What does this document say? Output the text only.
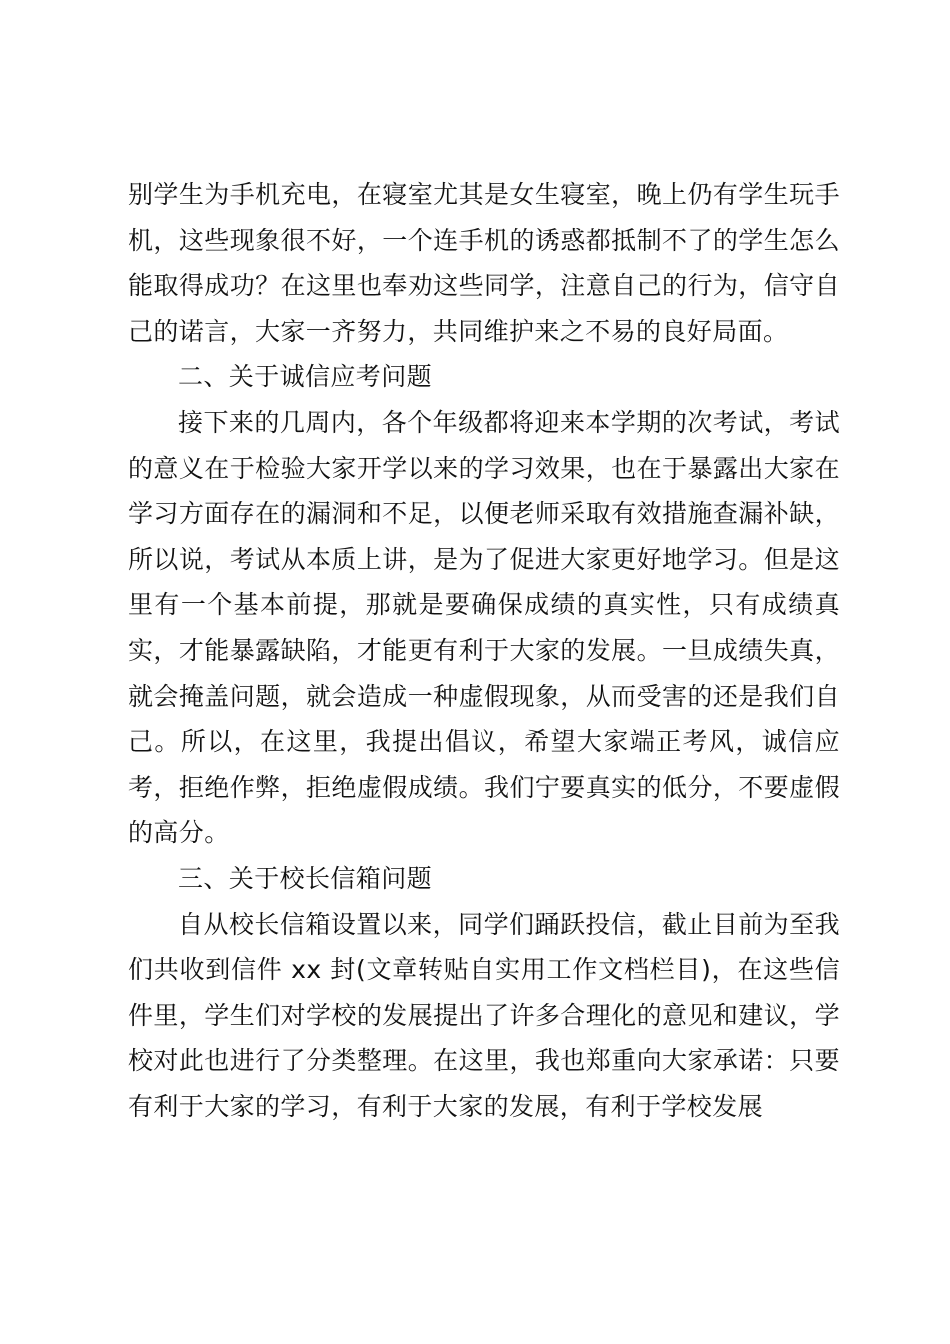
别学生为手机充电，在寝室尤其是女生寝室，晚上仍有学生玩手机，这些现象很不好，一个连手机的诱惑都抵制不了的学生怎么能取得成功？在这里也奉劝这些同学，注意自己的行为，信守自己的诺言，大家一齐努力，共同维护来之不易的良好局面。

二、关于诚信应考问题

接下来的几周内，各个年级都将迎来本学期的次考试，考试的意义在于检验大家开学以来的学习效果，也在于暴露出大家在学习方面存在的漏洞和不足，以便老师采取有效措施查漏补缺，所以说，考试从本质上讲，是为了促进大家更好地学习。但是这里有一个基本前提，那就是要确保成绩的真实性，只有成绩真实，才能暴露缺陷，才能更有利于大家的发展。一旦成绩失真，就会掩盖问题，就会造成一种虚假现象，从而受害的还是我们自己。所以，在这里，我提出倡议，希望大家端正考风，诚信应考，拒绝作弊，拒绝虚假成绩。我们宁要真实的低分，不要虚假的高分。

三、关于校长信箱问题

自从校长信箱设置以来，同学们踊跃投信，截止目前为至我们共收到信件 xx 封(文章转贴自实用工作文档栏目)，在这些信件里，学生们对学校的发展提出了许多合理化的意见和建议，学校对此也进行了分类整理。在这里，我也郑重向大家承诺：只要有利于大家的学习，有利于大家的发展，有利于学校发展
